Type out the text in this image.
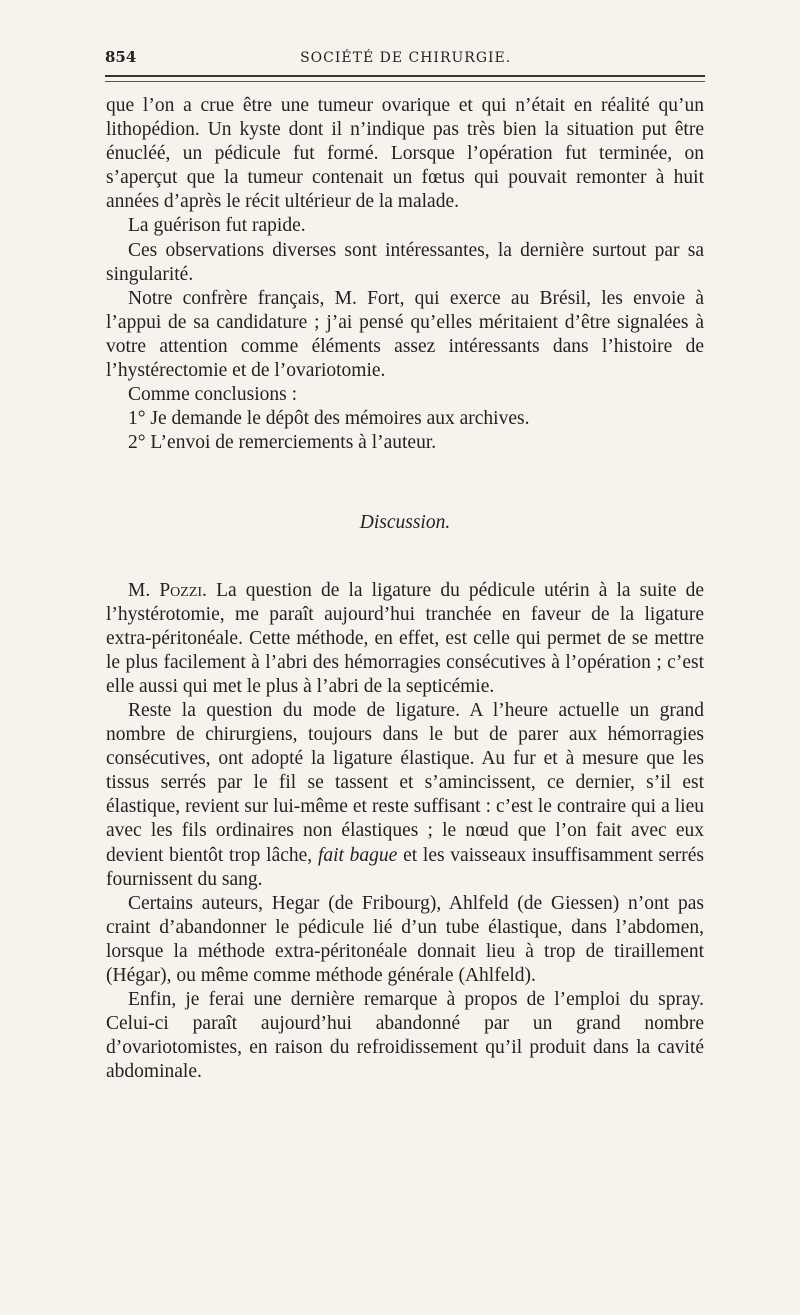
854	SOCIÉTÉ DE CHIRURGIE.

que l’on a crue être une tumeur ovarique et qui n’était en réalité qu’un lithopédion. Un kyste dont il n’indique pas très bien la situation put être énucléé, un pédicule fut formé. Lorsque l’opération fut terminée, on s’aperçut que la tumeur contenait un fœtus qui pouvait remonter à huit années d’après le récit ultérieur de la malade.

La guérison fut rapide.

Ces observations diverses sont intéressantes, la dernière surtout par sa singularité.

Notre confrère français, M. Fort, qui exerce au Brésil, les envoie à l’appui de sa candidature ; j’ai pensé qu’elles méritaient d’être signalées à votre attention comme éléments assez intéressants dans l’histoire de l’hystérectomie et de l’ovariotomie.

Comme conclusions :

1° Je demande le dépôt des mémoires aux archives.

2° L’envoi de remerciements à l’auteur.

Discussion.

M. Pozzi. La question de la ligature du pédicule utérin à la suite de l’hystérotomie, me paraît aujourd’hui tranchée en faveur de la ligature extra-péritonéale. Cette méthode, en effet, est celle qui permet de se mettre le plus facilement à l’abri des hémorragies consécutives à l’opération ; c’est elle aussi qui met le plus à l’abri de la septicémie.

Reste la question du mode de ligature. A l’heure actuelle un grand nombre de chirurgiens, toujours dans le but de parer aux hémorragies consécutives, ont adopté la ligature élastique. Au fur et à mesure que les tissus serrés par le fil se tassent et s’amincissent, ce dernier, s’il est élastique, revient sur lui-même et reste suffisant : c’est le contraire qui a lieu avec les fils ordinaires non élastiques ; le nœud que l’on fait avec eux devient bientôt trop lâche, fait bague et les vaisseaux insuffisamment serrés fournissent du sang.

Certains auteurs, Hegar (de Fribourg), Ahlfeld (de Giessen) n’ont pas craint d’abandonner le pédicule lié d’un tube élastique, dans l’abdomen, lorsque la méthode extra-péritonéale donnait lieu à trop de tiraillement (Hégar), ou même comme méthode générale (Ahlfeld).

Enfin, je ferai une dernière remarque à propos de l’emploi du spray. Celui-ci paraît aujourd’hui abandonné par un grand nombre d’ovariotomistes, en raison du refroidissement qu’il produit dans la cavité abdominale.
